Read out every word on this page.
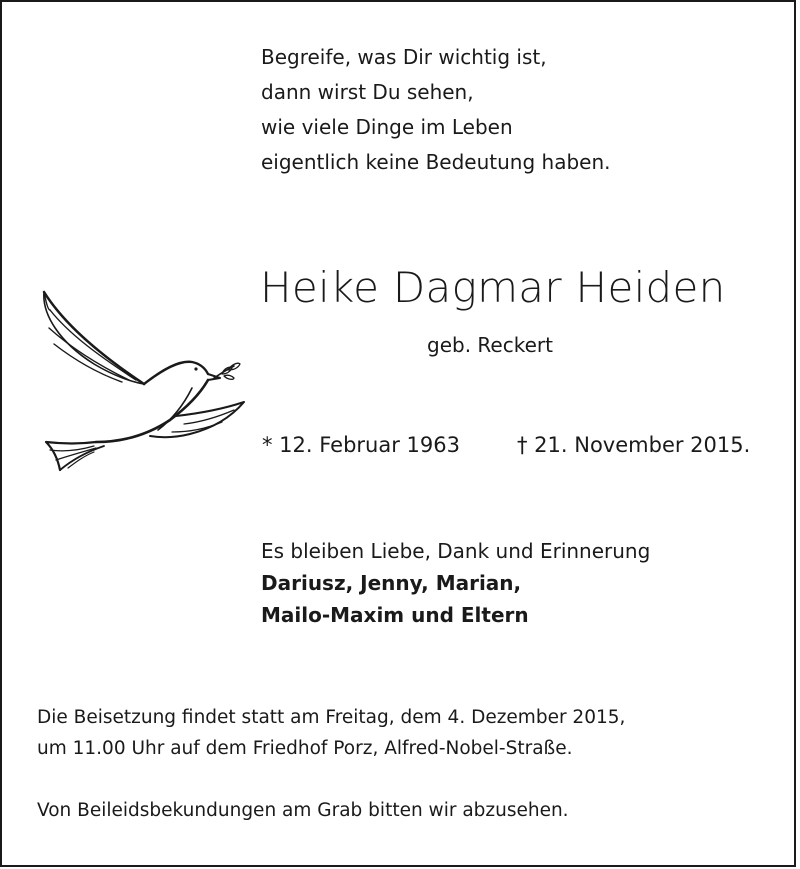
Begreife, was Dir wichtig ist,
dann wirst Du sehen,
wie viele Dinge im Leben
eigentlich keine Bedeutung haben.
Heike Dagmar Heiden
geb. Reckert
* 12. Februar 1963	† 21. November 2015.
Es bleiben Liebe, Dank und Erinnerung
Dariusz, Jenny, Marian,
Mailo-Maxim und Eltern
Die Beisetzung findet statt am Freitag, dem 4. Dezember 2015,
um 11.00 Uhr auf dem Friedhof Porz, Alfred-Nobel-Straße.
Von Beileidsbekundungen am Grab bitten wir abzusehen.
